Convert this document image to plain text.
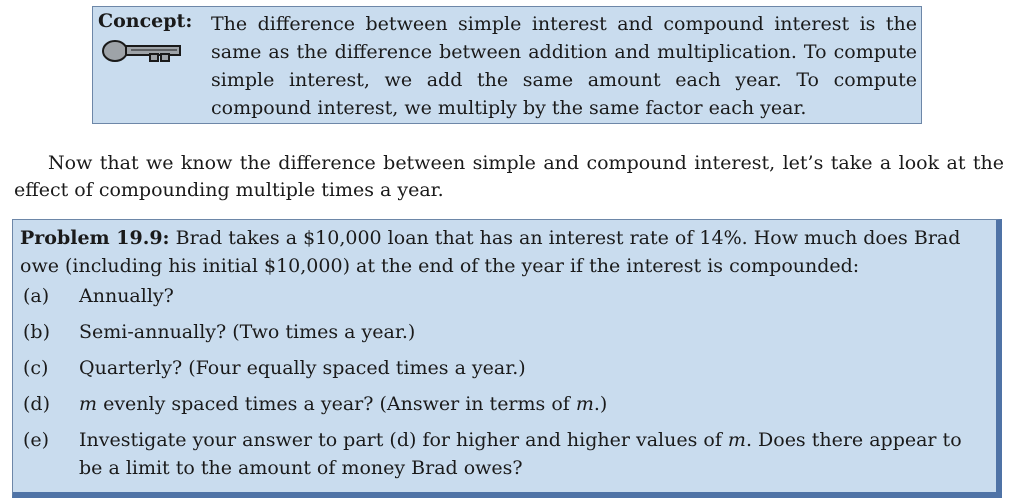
Concept: The difference between simple interest and compound interest is the same as the difference between addition and multiplication. To compute simple interest, we add the same amount each year. To compute compound interest, we multiply by the same factor each year.

Now that we know the difference between simple and compound interest, let’s take a look at the effect of compounding multiple times a year.

Problem 19.9: Brad takes a $10,000 loan that has an interest rate of 14%. How much does Brad owe (including his initial $10,000) at the end of the year if the interest is compounded:
(a)	Annually?
(b)	Semi-annually? (Two times a year.)
(c)	Quarterly? (Four equally spaced times a year.)
(d)	m evenly spaced times a year? (Answer in terms of m.)
(e)	Investigate your answer to part (d) for higher and higher values of m. Does there appear to be a limit to the amount of money Brad owes?
